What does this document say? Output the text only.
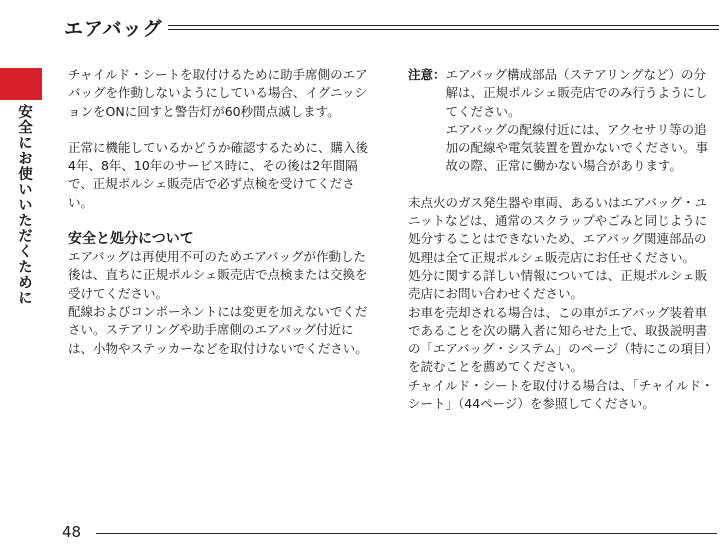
エアバッグ
安全にお使いいただくために

チャイルド・シートを取付けるために助手席側のエアバッグを作動しないようにしている場合、イグニッションをONに回すと警告灯が60秒間点滅します。

正常に機能しているかどうか確認するために、購入後4年、8年、10年のサービス時に、その後は2年間隔で、正規ポルシェ販売店で必ず点検を受けてください。

安全と処分について

エアバッグは再使用不可のためエアバッグが作動した後は、直ちに正規ポルシェ販売店で点検または交換を受けてください。

配線およびコンポーネントには変更を加えないでください。ステアリングや助手席側のエアバッグ付近には、小物やステッカーなどを取付けないでください。

注意： エアバッグ構成部品（ステアリングなど）の分解は、正規ポルシェ販売店でのみ行うようにしてください。

エアバッグの配線付近には、アクセサリ等の追加の配線や電気装置を置かないでください。事故の際、正常に働かない場合があります。

未点火のガス発生器や車両、あるいはエアバッグ・ユニットなどは、通常のスクラップやごみと同じように処分することはできないため、エアバッグ関連部品の処理は全て正規ポルシェ販売店にお任せください。

処分に関する詳しい情報については、正規ポルシェ販売店にお問い合わせください。

お車を売却される場合は、この車がエアバッグ装着車であることを次の購入者に知らせた上で、取扱説明書の「エアバッグ・システム」のページ（特にこの項目）を読むことを薦めてください。

チャイルド・シートを取付ける場合は、「チャイルド・シート」（44ページ）を参照してください。

48
